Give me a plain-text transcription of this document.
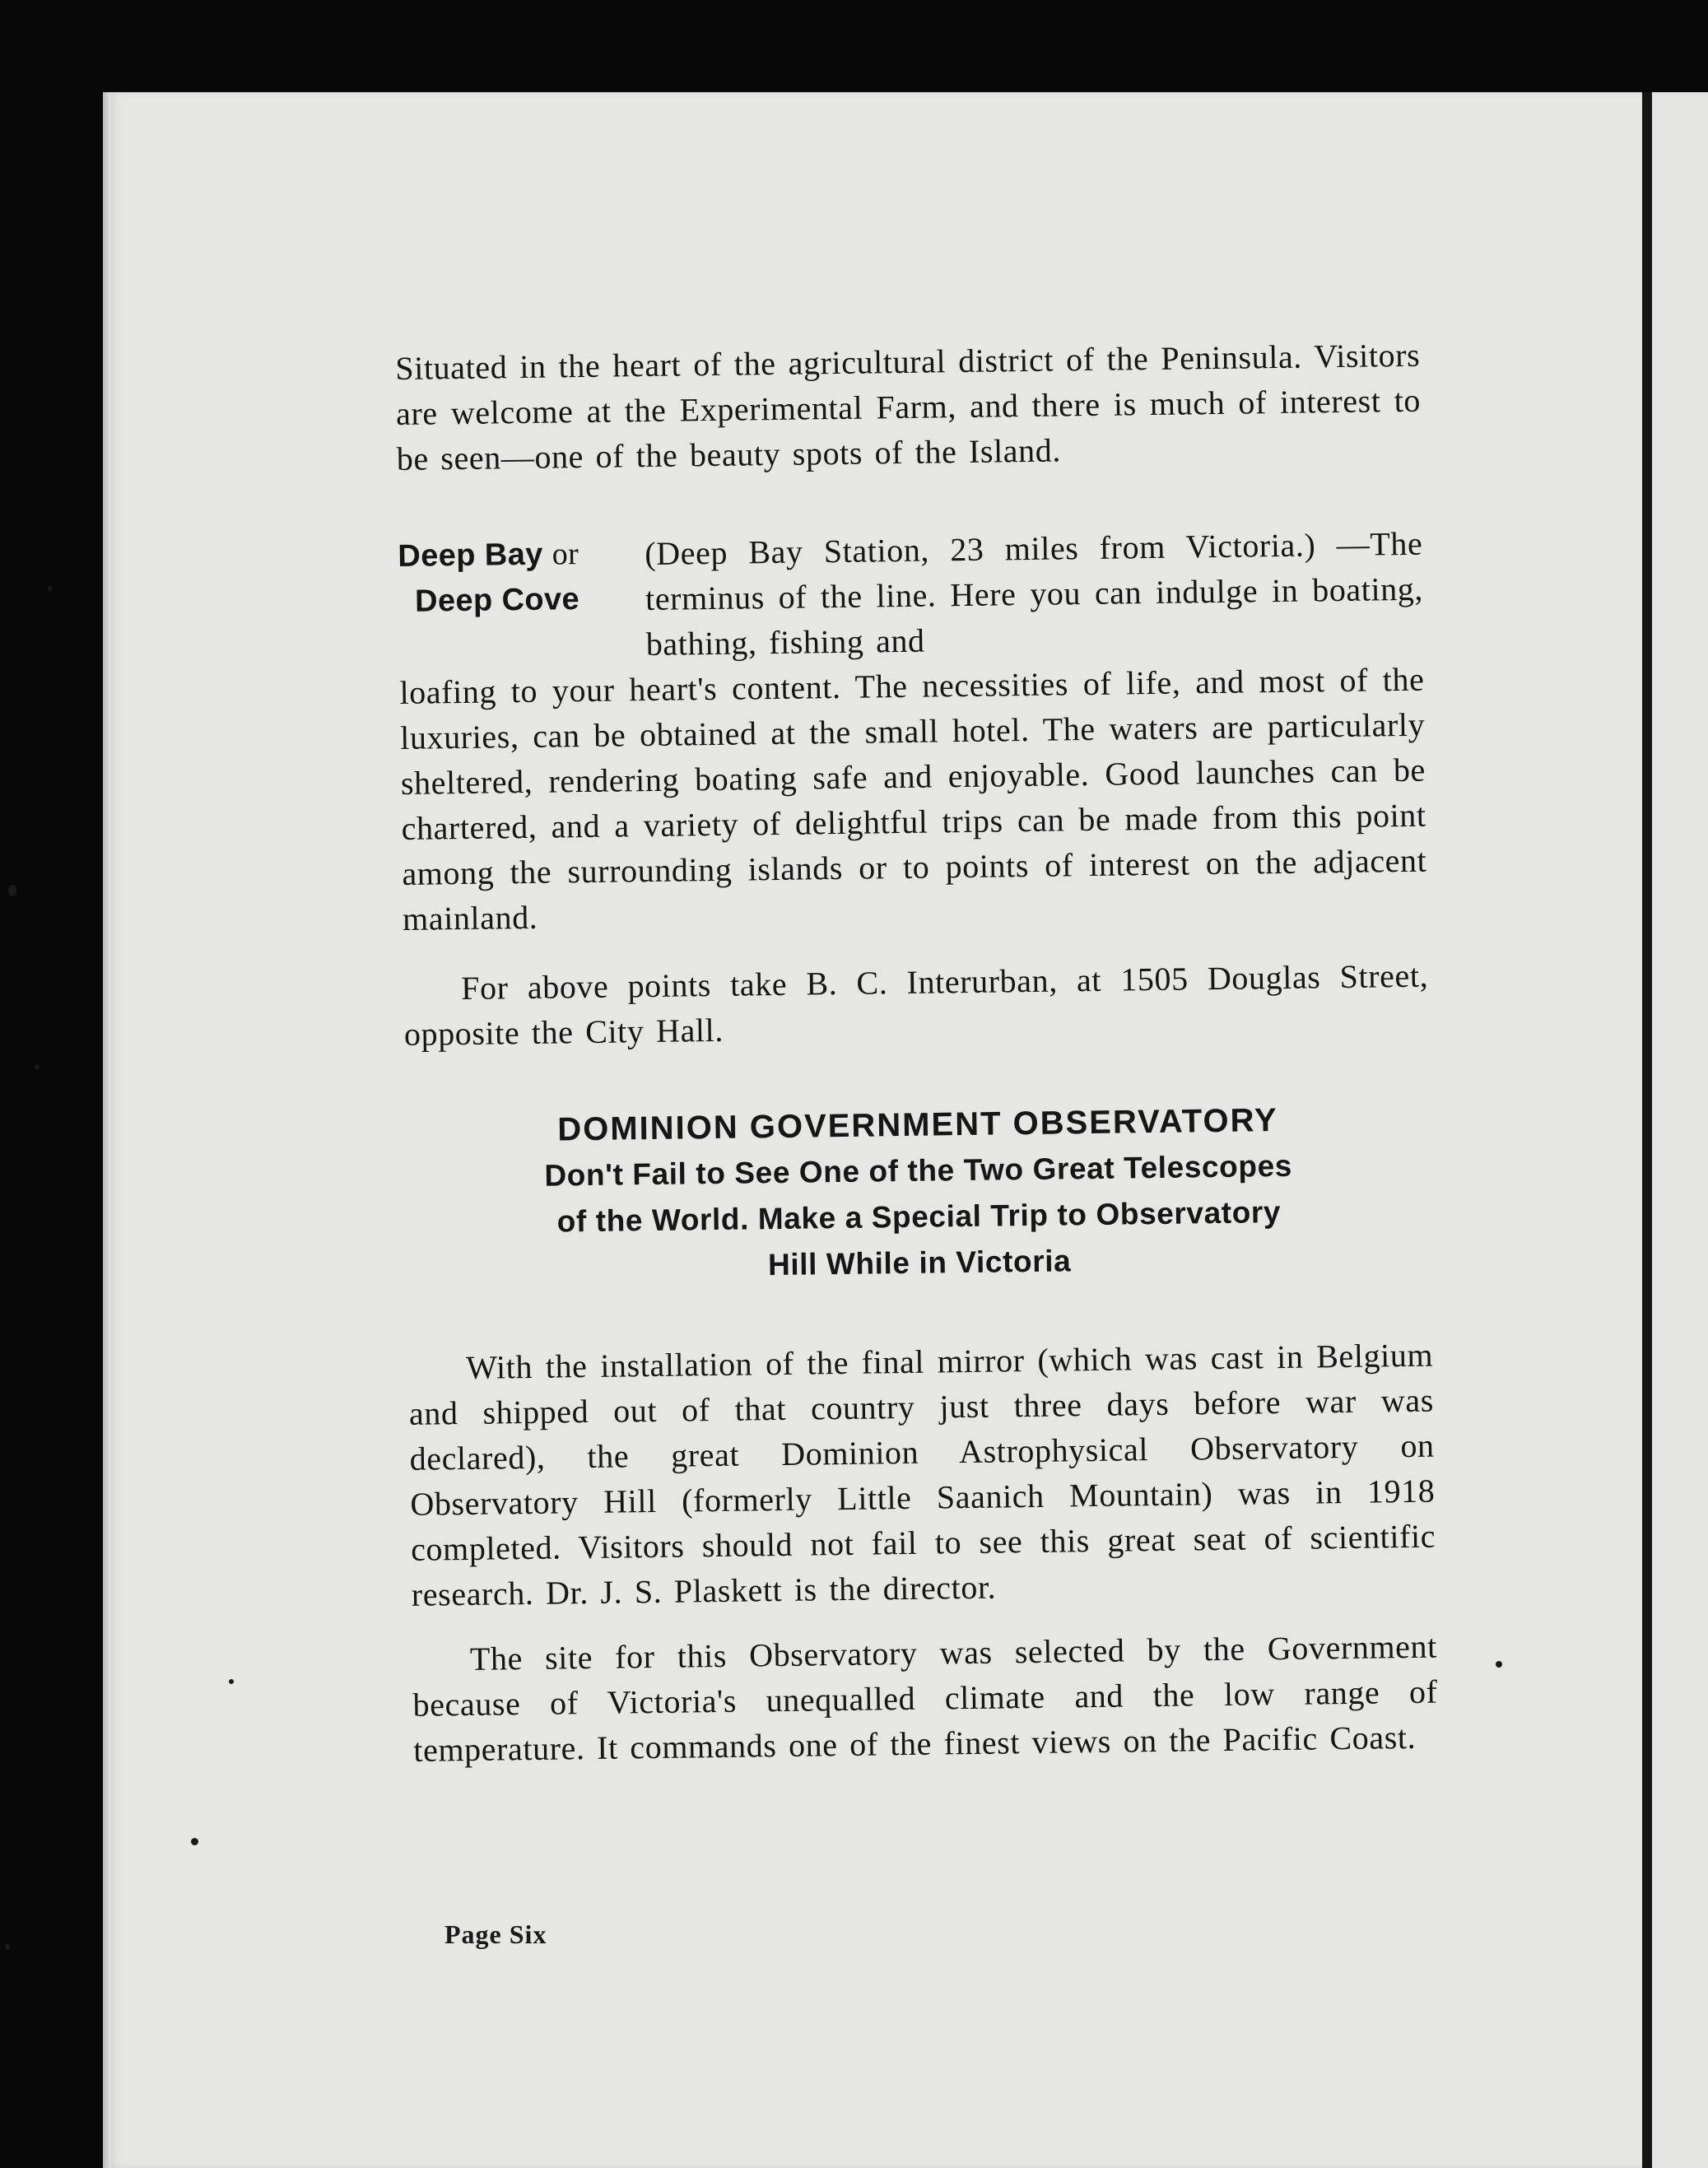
Situated in the heart of the agricultural district of the Peninsula. Visitors are welcome at the Experimental Farm, and there is much of interest to be seen—one of the beauty spots of the Island.

Deep Bay or
Deep Cove

(Deep Bay Station, 23 miles from Victoria.) —The terminus of the line. Here you can indulge in boating, bathing, fishing and

loafing to your heart's content. The necessities of life, and most of the luxuries, can be obtained at the small hotel. The waters are particularly sheltered, rendering boating safe and enjoyable. Good launches can be chartered, and a variety of delightful trips can be made from this point among the surrounding islands or to points of interest on the adjacent mainland.

For above points take B. C. Interurban, at 1505 Douglas Street, opposite the City Hall.

DOMINION GOVERNMENT OBSERVATORY

Don't Fail to See One of the Two Great Telescopes

of the World. Make a Special Trip to Observatory

Hill While in Victoria

With the installation of the final mirror (which was cast in Belgium and shipped out of that country just three days before war was declared), the great Dominion Astrophysical Observatory on Observatory Hill (formerly Little Saanich Mountain) was in 1918 completed. Visitors should not fail to see this great seat of scientific research. Dr. J. S. Plaskett is the director.

The site for this Observatory was selected by the Government because of Victoria's unequalled climate and the low range of temperature. It commands one of the finest views on the Pacific Coast.

Page Six
